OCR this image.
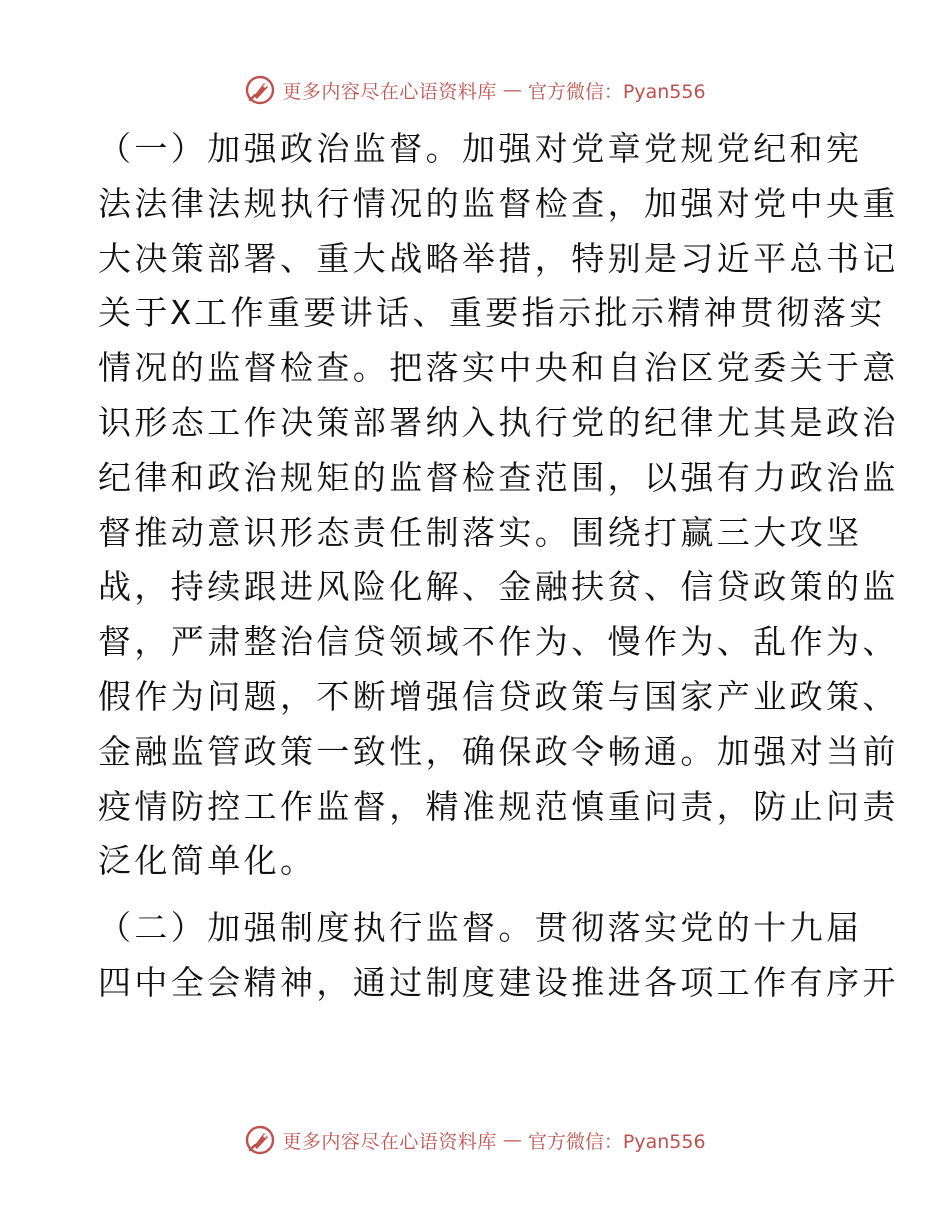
更多内容尽在心语资料库 — 官方微信：Pyan556

（一）加强政治监督。加强对党章党规党纪和宪
法法律法规执行情况的监督检查，加强对党中央重
大决策部署、重大战略举措，特别是习近平总书记
关于X工作重要讲话、重要指示批示精神贯彻落实
情况的监督检查。把落实中央和自治区党委关于意
识形态工作决策部署纳入执行党的纪律尤其是政治
纪律和政治规矩的监督检查范围，以强有力政治监
督推动意识形态责任制落实。围绕打赢三大攻坚
战，持续跟进风险化解、金融扶贫、信贷政策的监
督，严肃整治信贷领域不作为、慢作为、乱作为、
假作为问题，不断增强信贷政策与国家产业政策、
金融监管政策一致性，确保政令畅通。加强对当前
疫情防控工作监督，精准规范慎重问责，防止问责
泛化简单化。

（二）加强制度执行监督。贯彻落实党的十九届
四中全会精神，通过制度建设推进各项工作有序开

更多内容尽在心语资料库 — 官方微信：Pyan556
